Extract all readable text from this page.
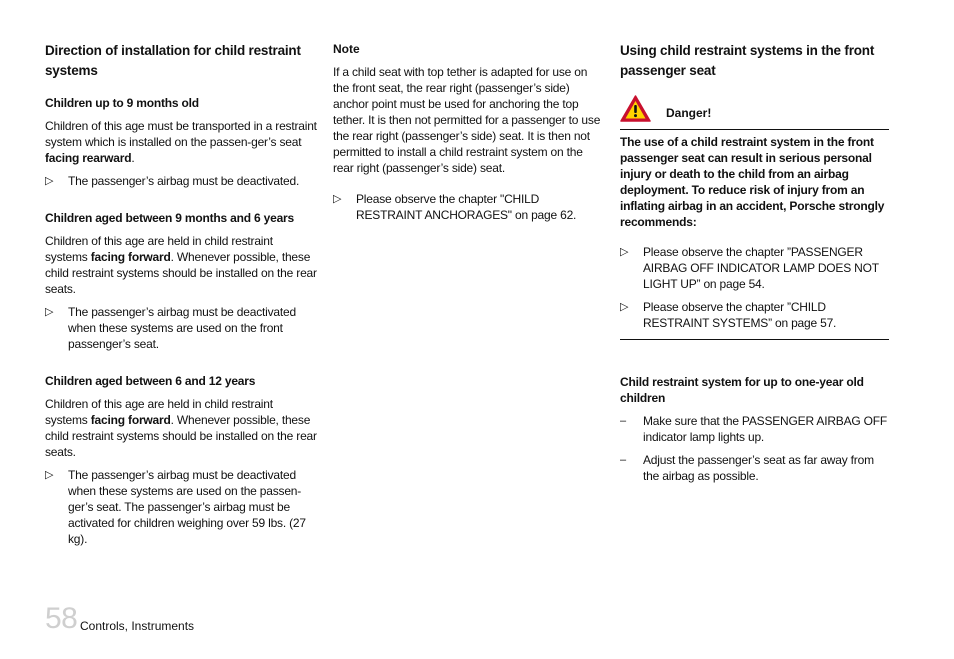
Direction of installation for child restraint systems
Children up to 9 months old
Children of this age must be transported in a restraint system which is installed on the passen-ger’s seat facing rearward.
▷ The passenger’s airbag must be deactivated.
Children aged between 9 months and 6 years
Children of this age are held in child restraint systems facing forward. Whenever possible, these child restraint systems should be installed on the rear seats.
▷ The passenger’s airbag must be deactivated when these systems are used on the front passenger’s seat.
Children aged between 6 and 12 years
Children of this age are held in child restraint systems facing forward. Whenever possible, these child restraint systems should be installed on the rear seats.
▷ The passenger’s airbag must be deactivated when these systems are used on the passen-ger’s seat. The passenger’s airbag must be activated for children weighing over 59 lbs. (27 kg).
Note
If a child seat with top tether is adapted for use on the front seat, the rear right (passenger’s side) anchor point must be used for anchoring the top tether. It is then not permitted for a passenger to use the rear right (passenger’s side) seat. It is then not permitted to install a child restraint system on the rear right (passenger’s side) seat.
▷ Please observe the chapter "CHILD RESTRAINT ANCHORAGES" on page 62.
Using child restraint systems in the front passenger seat
Danger!
The use of a child restraint system in the front passenger seat can result in serious personal injury or death to the child from an airbag deployment. To reduce risk of injury from an inflating airbag in an accident, Porsche strongly recommends:
▷ Please observe the chapter ”PASSENGER AIRBAG OFF INDICATOR LAMP DOES NOT LIGHT UP” on page 54.
▷ Please observe the chapter ”CHILD RESTRAINT SYSTEMS” on page 57.
Child restraint system for up to one-year old children
– Make sure that the PASSENGER AIRBAG OFF indicator lamp lights up.
– Adjust the passenger’s seat as far away from the airbag as possible.
58 Controls, Instruments
